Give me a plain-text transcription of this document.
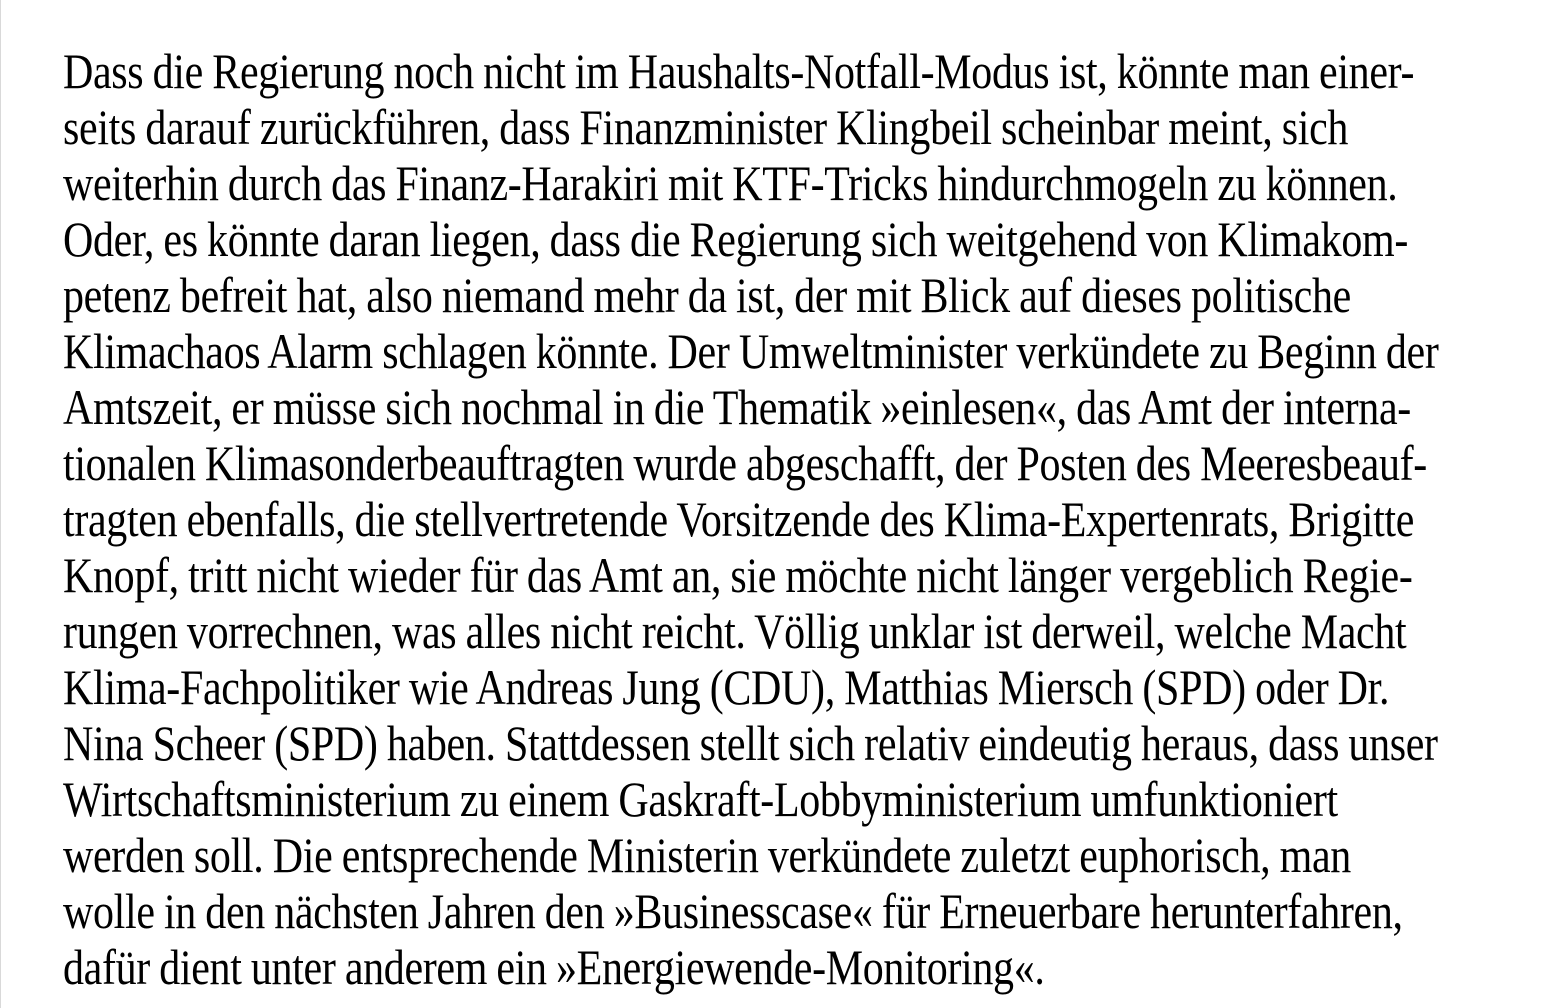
Dass die Regierung noch nicht im Haushalts-Notfall-Modus ist, könnte man einer-
seits darauf zurückführen, dass Finanzminister Klingbeil scheinbar meint, sich
weiterhin durch das Finanz-Harakiri mit KTF-Tricks hindurchmogeln zu können.
Oder, es könnte daran liegen, dass die Regierung sich weitgehend von Klimakom-
petenz befreit hat, also niemand mehr da ist, der mit Blick auf dieses politische
Klimachaos Alarm schlagen könnte. Der Umweltminister verkündete zu Beginn der
Amtszeit, er müsse sich nochmal in die Thematik »einlesen«, das Amt der interna-
tionalen Klimasonderbeauftragten wurde abgeschafft, der Posten des Meeresbeauf-
tragten ebenfalls, die stellvertretende Vorsitzende des Klima-Expertenrats, Brigitte
Knopf, tritt nicht wieder für das Amt an, sie möchte nicht länger vergeblich Regie-
rungen vorrechnen, was alles nicht reicht. Völlig unklar ist derweil, welche Macht
Klima-Fachpolitiker wie Andreas Jung (CDU), Matthias Miersch (SPD) oder Dr.
Nina Scheer (SPD) haben. Stattdessen stellt sich relativ eindeutig heraus, dass unser
Wirtschaftsministerium zu einem Gaskraft-Lobbyministerium umfunktioniert
werden soll. Die entsprechende Ministerin verkündete zuletzt euphorisch, man
wolle in den nächsten Jahren den »Businesscase« für Erneuerbare herunterfahren,
dafür dient unter anderem ein »Energiewende-Monitoring«.
